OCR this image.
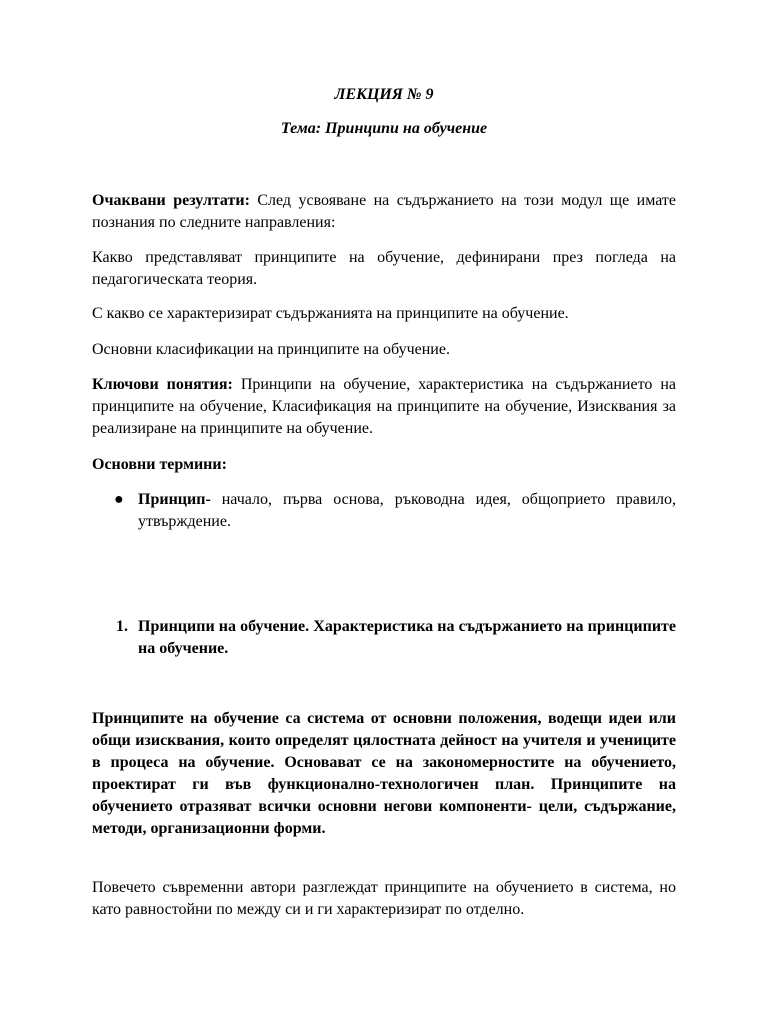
ЛЕКЦИЯ № 9
Тема: Принципи на обучение
Очаквани резултати: След усвояване на съдържанието на този модул ще имате познания по следните направления:
Какво представляват принципите на обучение, дефинирани през погледа на педагогическата теория.
С какво се характеризират съдържанията на принципите на обучение.
Основни класификации на принципите на обучение.
Ключови понятия: Принципи на обучение, характеристика на съдържанието на принципите на обучение, Класификация на принципите на обучение, Изисквания за реализиране на принципите на обучение.
Основни термини:
● Принцип- начало, първа основа, ръководна идея, общоприето правило, утвърждение.
1. Принципи на обучение. Характеристика на съдържанието на принципите на обучение.
Принципите на обучение са система от основни положения, водещи идеи или общи изисквания, които определят цялостната дейност на учителя и учениците в процеса на обучение. Основават се на закономерностите на обучението, проектират ги във функционално-технологичен план. Принципите на обучението отразяват всички основни негови компоненти- цели, съдържание, методи, организационни форми.
Повечето съвременни автори разглеждат принципите на обучението в система, но като равностойни по между си и ги характеризират по отделно.
